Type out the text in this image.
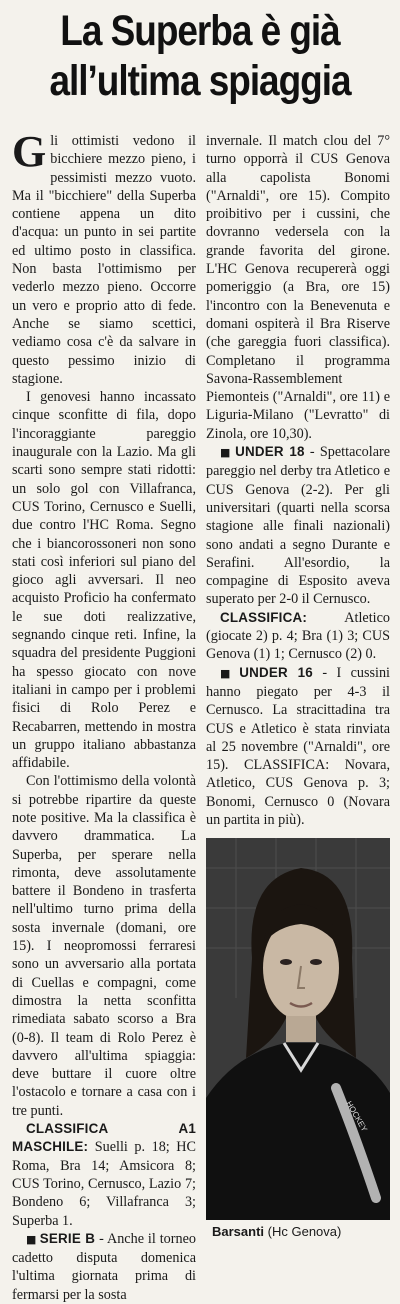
La Superba è già
all’ultima spiaggia

Gli ottimisti vedono il bicchiere mezzo pieno, i pessimisti mezzo vuoto. Ma il "bicchiere" della Superba contiene appena un dito d'acqua: un punto in sei partite ed ultimo posto in classifica. Non basta l'ottimismo per vederlo mezzo pieno. Occorre un vero e proprio atto di fede. Anche se siamo scettici, vediamo cosa c'è da salvare in questo pessimo inizio di stagione.

I genovesi hanno incassato cinque sconfitte di fila, dopo l'incoraggiante pareggio inaugurale con la Lazio. Ma gli scarti sono sempre stati ridotti: un solo gol con Villafranca, CUS Torino, Cernusco e Suelli, due contro l'HC Roma. Segno che i biancorossoneri non sono stati così inferiori sul piano del gioco agli avversari. Il neo acquisto Proficio ha confermato le sue doti realizzative, segnando cinque reti. Infine, la squadra del presidente Puggioni ha spesso giocato con nove italiani in campo per i problemi fisici di Rolo Perez e Recabarren, mettendo in mostra un gruppo italiano abbastanza affidabile.

Con l'ottimismo della volontà si potrebbe ripartire da queste note positive. Ma la classifica è davvero drammatica. La Superba, per sperare nella rimonta, deve assolutamente battere il Bondeno in trasferta nell'ultimo turno prima della sosta invernale (domani, ore 15). I neopromossi ferraresi sono un avversario alla portata di Cuellas e compagni, come dimostra la netta sconfitta rimediata sabato scorso a Bra (0-8). Il team di Rolo Perez è davvero all'ultima spiaggia: deve buttare il cuore oltre l'ostacolo e tornare a casa con i tre punti.

CLASSIFICA A1 MASCHILE: Suelli p. 18; HC Roma, Bra 14; Amsicora 8; CUS Torino, Cernusco, Lazio 7; Bondeno 6; Villafranca 3; Superba 1.

■ SERIE B - Anche il torneo cadetto disputa domenica l'ultima giornata prima di fermarsi per la sosta

invernale. Il match clou del 7° turno opporrà il CUS Genova alla capolista Bonomi ("Arnaldi", ore 15). Compito proibitivo per i cussini, che dovranno vedersela con la grande favorita del girone. L'HC Genova recupererà oggi pomeriggio (a Bra, ore 15) l'incontro con la Benevenuta e domani ospiterà il Bra Riserve (che gareggia fuori classifica). Completano il programma Savona-Rassemblement Piemonteis ("Arnaldi", ore 11) e Liguria-Milano ("Levratto" di Zinola, ore 10,30).

■ UNDER 18 - Spettacolare pareggio nel derby tra Atletico e CUS Genova (2-2). Per gli universitari (quarti nella scorsa stagione alle finali nazionali) sono andati a segno Durante e Serafini. All'esordio, la compagine di Esposito aveva superato per 2-0 il Cernusco.

CLASSIFICA:	Atletico (giocate 2) p. 4; Bra (1) 3; CUS Genova (1) 1; Cernusco (2) 0.

■ UNDER 16 - I cussini hanno piegato per 4-3 il Cernusco. La stracittadina tra CUS e Atletico è stata rinviata al 25 novembre ("Arnaldi", ore 15). CLASSIFICA: Novara, Atletico, CUS Genova p. 3; Bonomi, Cernusco 0 (Novara un partita in più).

HOCKEY
Barsanti (Hc Genova)
